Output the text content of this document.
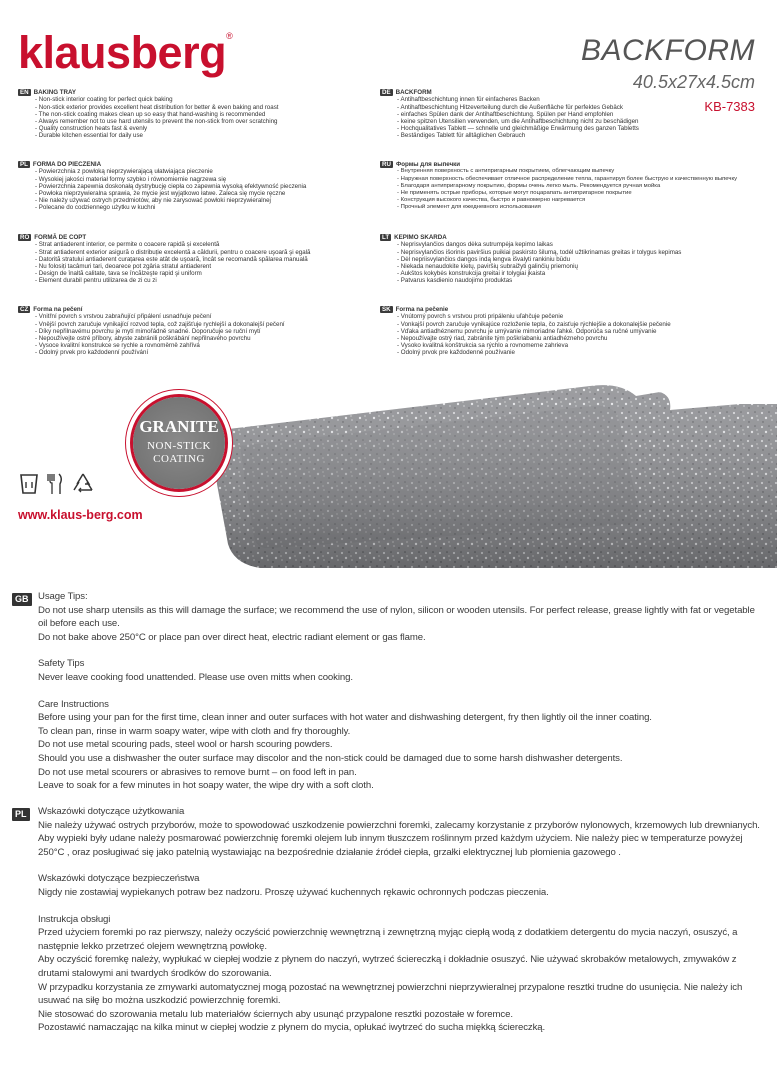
klausberg®	BACKFORM
40.5x27x4.5cm
KB-7383
EN BAKING TRAY
- Non-stick interior coating for perfect quick baking
- Non-stick exterior provides excellent heat distribution for better & even baking and roast
- The non-stick coating makes clean up so easy that hand-washing is recommended
- Always remember not to use hard utensils to prevent the non-stick from over scratching
- Quality construction heats fast & evenly
- Durable kitchen essential for daily use
PL FORMA DO PIECZENIA
- Powierzchnia z powłoką nieprzywierającą ułatwiająca pieczenie
- Wysokiej jakości materiał formy szybko i równomiernie nagrzewa się
- Powierzchnia zapewnia doskonałą dystrybucję ciepła co zapewnia wysoką efektywność pieczenia
- Powłoka nieprzywieralna sprawia, że mycie jest wyjątkowo łatwe. Zaleca się mycie ręczne
- Nie należy używać ostrych przedmiotów, aby nie zarysować powłoki nieprzywieralnej
- Polecane do codziennego użytku w kuchni
RO FORMĂ DE COPT
- Strat antiaderent interior, ce permite o coacere rapidă și excelentă
- Strat antiaderent exterior asigură o distribuție excelentă a căldurii, pentru o coacere uşoară şi egală
- Datorită stratului antiaderent curațarea este atât de uşoară, încât se recomandă spălarea manuală
- Nu folosiți tacâmuri tari, deoarece pot zgâria stratul antiaderent
- Design de înaltă calitate, tava se încălzeşte rapid şi uniform
- Element durabil pentru utilizarea de zi cu zi
CZ Forma na pečení
- Vnitřní povrch s vrstvou zabraňující připálení usnadňuje pečení
- Vnější povrch zaručuje vynikající rozvod tepla, což zajišťuje rychlejší a dokonalejší pečení
- Díky nepřilnavému povrchu je mytí mimořádně snadné. Doporučuje se ruční mytí
- Nepoužívejte ostré příbory, abyste zabránili poškrábání nepřilnavého povrchu
- Vysoce kvalitní konstrukce se rychle a rovnoměrně zahřívá
- Odolný prvek pro každodenní používání
DE BACKFORM
- Antihaftbeschichtung innen für einfacheres Backen
- Antihaftbeschichtung Hitzeverteilung durch die Außenfläche für perfektes Gebäck
- einfaches Spülen dank der Antihaftbeschichtung. Spülen per Hand empfohlen
- keine spitzen Utensilien verwenden, um die Antihaftbeschichtung nicht zu beschädigen
- Hochqualitatives Tablett — schnelle und gleichmäßige Erwärmung des ganzen Tabletts
- Beständiges Tablett für alltäglichen Gebrauch
RU Формы для выпечки
- Внутренняя поверхность с антипригарным покрытием, облегчающим выпечку
- Наружная поверхность обеспечивает отличное распределение тепла, гарантируя более быструю и качественную выпечку
- Благодаря антипригарному покрытию, формы очень легко мыть. Рекомендуется ручная мойка
- Не применять острые приборы, которые могут поцарапать антипригарное покрытие
- Конструкция высокого качества, быстро и равномерно нагревается
- Прочный элемент для ежедневного использования
LT KEPIMO SKARDA
- Neprisvylančios dangos dėka sutrumpėja kepimo laikas
- Neprisvylančios išorinis paviršius puikiai paskirsto šilumą, todėl užtikrinamas greitas ir tolygus kepimas
- Dėl nepriisvylančios dangos indą lengva išvalyti rankiniu būdu
- Niekada nenaudokite kietų, paviršių subraižyti galinčių priemonių
- Aukštos kokybės konstrukcija greitai ir tolygiai įkaista
- Patvarus kasdienio naudojimo produktas
SK Forma na pečenie
- Vnútorný povrch s vrstvou proti pripáleniu uľahčuje pečenie
- Vonkajší povrch zaručuje vynikajúce rozloženie tepla, čo zaisťuje rýchlejšie a dokonalejšie pečenie
- Vďaka antiadhéznemu povrchu je umývanie mimoriadne ľahké. Odporúča sa ručné umývanie
- Nepoužívajte ostrý riad, zabránite tým poškriabaniu antiadhézneho povrchu
- Vysoko kvalitná konštrukcia sa rýchlo a rovnomerne zahrieva
- Odolný prvok pre každodenné používanie
GRANITE
NON-STICK
COATING
www.klaus-berg.com
GB Usage Tips:

Do not use sharp utensils as this will damage the surface; we recommend the use of nylon, silicon or wooden utensils. For perfect release, grease lightly with fat or vegetable oil before each use.

Do not bake above 250°C or place pan over direct heat, electric radiant element or gas flame.

Safety Tips

Never leave cooking food unattended. Please use oven mitts when cooking.

Care Instructions

Before using your pan for the first time, clean inner and outer surfaces with hot water and dishwashing detergent, fry then lightly oil the inner coating.

To clean pan, rinse in warm soapy water, wipe with cloth and fry thoroughly.

Do not use metal scouring pads, steel wool or harsh scouring powders.

Should you use a dishwasher the outer surface may discolor and the non-stick could be damaged due to some harsh dishwasher detergents.

Do not use metal scourers or abrasives to remove burnt – on food left in pan.

Leave to soak for a few minutes in hot soapy water, the wipe dry with a soft cloth.

PL	Wskazówki dotyczące użytkowania

Nie należy używać ostrych przyborów, może to spowodować uszkodzenie powierzchni foremki, zalecamy korzystanie z przyborów nylonowych, krzemowych lub drewnianych. Aby wypieki były udane należy posmarować powierzchnię foremki olejem lub innym tłuszczem roślinnym przed każdym użyciem. Nie należy piec w temperaturze powyżej 250°C , oraz posługiwać się jako patelnią wystawiając na bezpośrednie działanie źródeł ciepła, grzałki elektrycznej lub płomienia gazowego .

Wskazówki dotyczące bezpieczeństwa

Nigdy nie zostawiaj wypiekanych potraw bez nadzoru. Proszę używać kuchennych rękawic ochronnych podczas pieczenia.

Instrukcja obsługi

Przed użyciem foremki po raz pierwszy, należy oczyścić powierzchnię wewnętrzną i zewnętrzną myjąc ciepłą wodą z dodatkiem detergentu do mycia naczyń, osuszyć, a następnie lekko przetrzeć olejem wewnętrzną powłokę.

Aby oczyścić foremkę należy, wypłukać w ciepłej wodzie z płynem do naczyń, wytrzeć ściereczką i dokładnie osuszyć. Nie używać skrobaków metalowych, zmywaków z drutami stalowymi ani twardych środków do szorowania.

W przypadku korzystania ze zmywarki automatycznej mogą pozostać na wewnętrznej powierzchni nieprzywieralnej przypalone resztki trudne do usunięcia. Nie należy ich usuwać na siłę bo można uszkodzić powierzchnię foremki.

Nie stosować do szorowania metalu lub materiałów ściernych aby usunąć przypalone resztki pozostałe w foremce.

Pozostawić namaczając na kilka minut w ciepłej wodzie z płynem do mycia, opłukać iwytrzeć do sucha miękką ściereczką.
